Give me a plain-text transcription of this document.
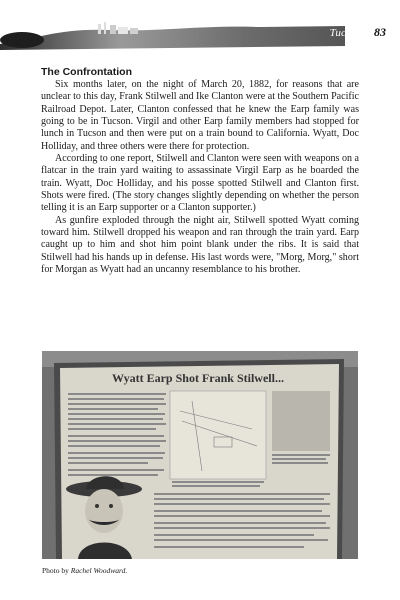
Tucson 83
The Confrontation

Six months later, on the night of March 20, 1882, for reasons that are unclear to this day, Frank Stilwell and Ike Clanton were at the Southern Pacific Railroad Depot. Later, Clanton confessed that he knew the Earp family was going to be in Tucson. Virgil and other Earp family members had stopped for lunch in Tucson and then were put on a train bound to California. Wyatt, Doc Holliday, and three others were there for protection.

According to one report, Stilwell and Clanton were seen with weapons on a flatcar in the train yard waiting to assassinate Virgil Earp as he boarded the train. Wyatt, Doc Holliday, and his posse spotted Stilwell and Clanton first. Shots were fired. (The story changes slightly depending on whether the person telling it is an Earp supporter or a Clanton supporter.)

As gunfire exploded through the night air, Stilwell spotted Wyatt coming toward him. Stilwell dropped his weapon and ran through the train yard. Earp caught up to him and shot him point blank under the ribs. It is said that Stilwell had his hands up in defense. His last words were, "Morg, Morg," short for Morgan as Wyatt had an uncanny resemblance to his brother.

Wyatt Earp Shot Frank Stilwell...
Photo by Rachel Woodward.
